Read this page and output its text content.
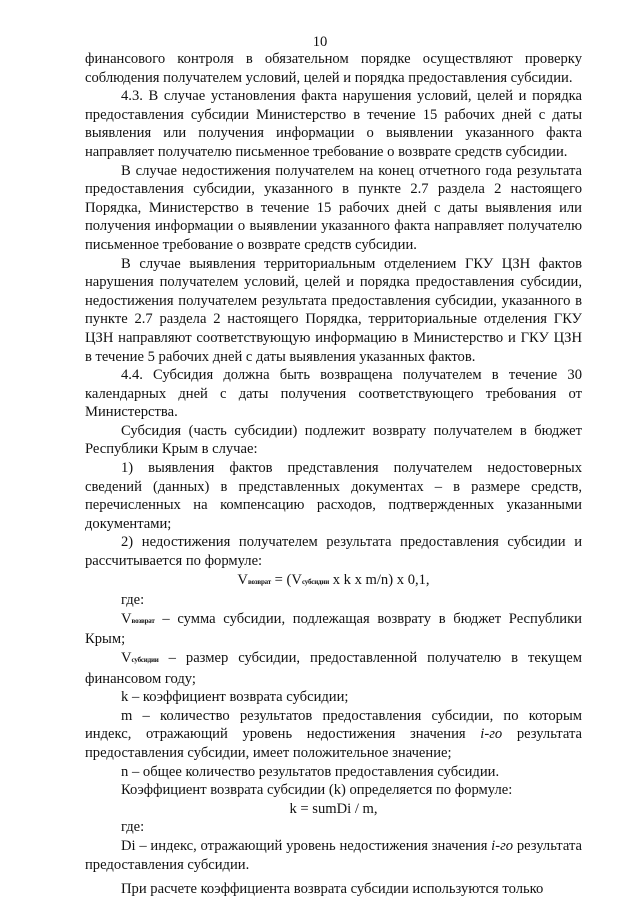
10

финансового контроля в обязательном порядке осуществляют проверку соблюдения получателем условий, целей и порядка предоставления субсидии.

4.3. В случае установления факта нарушения условий, целей и порядка предоставления субсидии Министерство в течение 15 рабочих дней с даты выявления или получения информации о выявлении указанного факта направляет получателю письменное требование о возврате средств субсидии.

В случае недостижения получателем на конец отчетного года результата предоставления субсидии, указанного в пункте 2.7 раздела 2 настоящего Порядка, Министерство в течение 15 рабочих дней с даты выявления или получения информации о выявлении указанного факта направляет получателю письменное требование о возврате средств субсидии.

В случае выявления территориальным отделением ГКУ ЦЗН фактов нарушения получателем условий, целей и порядка предоставления субсидии, недостижения получателем результата предоставления субсидии, указанного в пункте 2.7 раздела 2 настоящего Порядка, территориальные отделения ГКУ ЦЗН направляют соответствующую информацию в Министерство и ГКУ ЦЗН в течение 5 рабочих дней с даты выявления указанных фактов.

4.4. Субсидия должна быть возвращена получателем в течение 30 календарных дней с даты получения соответствующего требования от Министерства.

Субсидия (часть субсидии) подлежит возврату получателем в бюджет Республики Крым в случае:

1) выявления фактов представления получателем недостоверных сведений (данных) в представленных документах – в размере средств, перечисленных на компенсацию расходов, подтвержденных указанными документами;

2) недостижения получателем результата предоставления субсидии и рассчитывается по формуле:

Vвозврат = (Vсубсидии x k x m/n) x 0,1,

где:

Vвозврат – сумма субсидии, подлежащая возврату в бюджет Республики Крым;

Vсубсидии – размер субсидии, предоставленной получателю в текущем финансовом году;

k – коэффициент возврата субсидии;

m – количество результатов предоставления субсидии, по которым индекс, отражающий уровень недостижения значения i-го результата предоставления субсидии, имеет положительное значение;

n – общее количество результатов предоставления субсидии.

Коэффициент возврата субсидии (k) определяется по формуле:

k = sumDi / m,

где:

Di – индекс, отражающий уровень недостижения значения i-го результата предоставления субсидии.

При расчете коэффициента возврата субсидии используются только
